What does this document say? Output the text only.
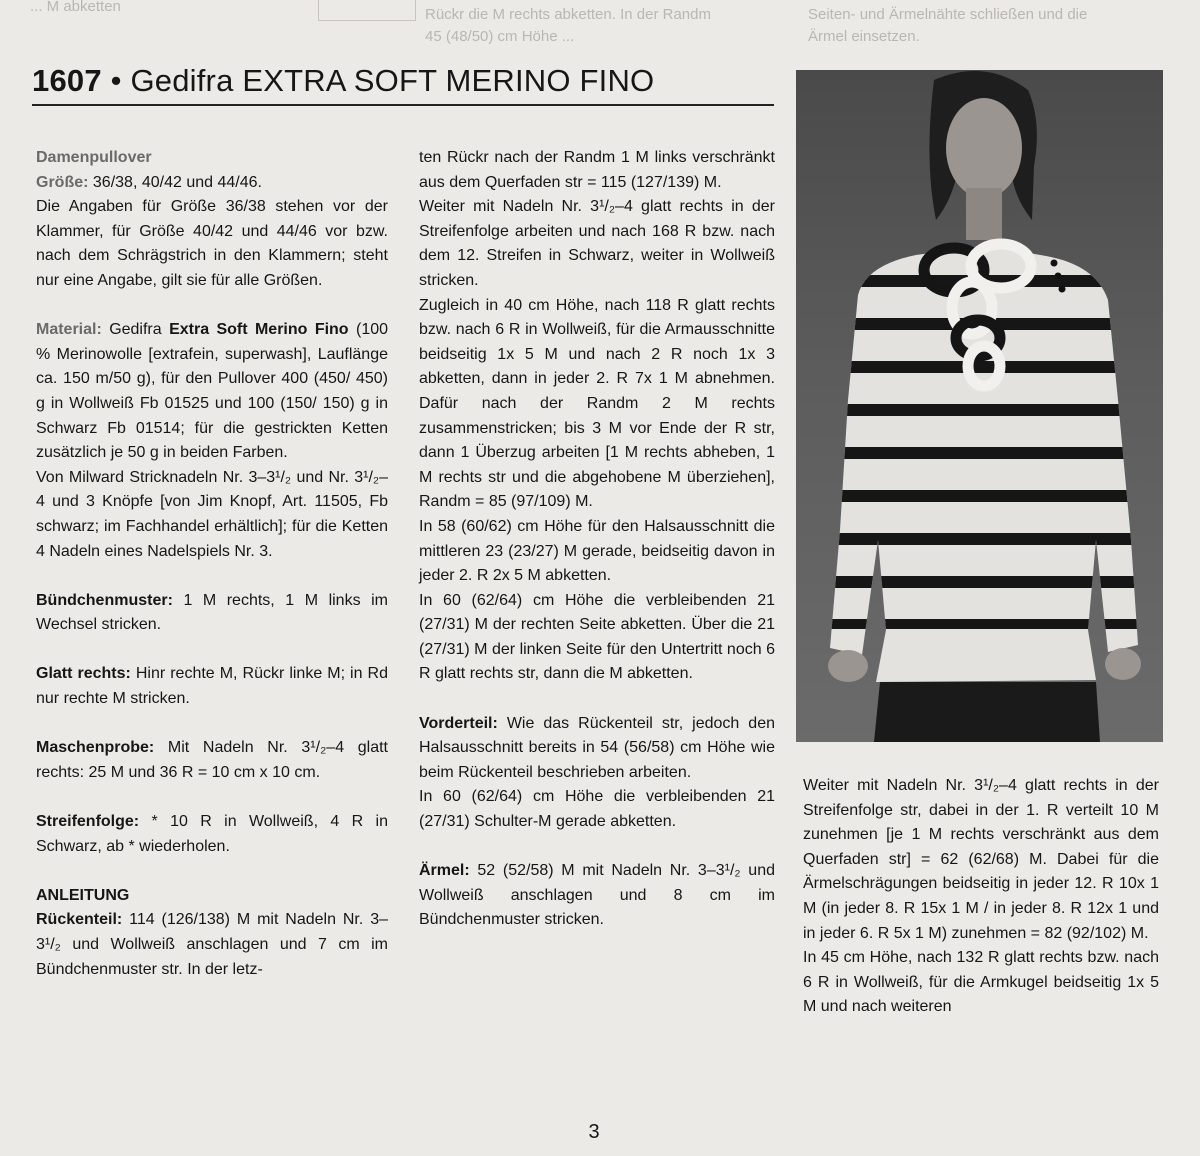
... M abketten	Rückr die M rechts abketten. In der Randm
45 (48/50) cm Höhe ...
Seiten- und Ärmelnähte schließen und die
Ärmel einsetzen.
1607 • Gedifra EXTRA SOFT MERINO FINO

Damenpullover

Größe: 36/38, 40/42 und 44/46.

Die Angaben für Größe 36/38 stehen vor der Klammer, für Größe 40/42 und 44/46 vor bzw. nach dem Schrägstrich in den Klammern; steht nur eine Angabe, gilt sie für alle Größen.

Material: Gedifra Extra Soft Merino Fino (100 % Merinowolle [extrafein, superwash], Lauflänge ca. 150 m/50 g), für den Pullover 400 (450/ 450) g in Wollweiß Fb 01525 und 100 (150/ 150) g in Schwarz Fb 01514; für die gestrickten Ketten zusätzlich je 50 g in beiden Farben.

Von Milward Stricknadeln Nr. 3–3¹/₂ und Nr. 3¹/₂–4 und 3 Knöpfe [von Jim Knopf, Art. 11505, Fb schwarz; im Fachhandel erhältlich]; für die Ketten 4 Nadeln eines Nadelspiels Nr. 3.

Bündchenmuster: 1 M rechts, 1 M links im Wechsel stricken.

Glatt rechts: Hinr rechte M, Rückr linke M; in Rd nur rechte M stricken.

Maschenprobe: Mit Nadeln Nr. 3¹/₂–4 glatt rechts: 25 M und 36 R = 10 cm x 10 cm.

Streifenfolge: * 10 R in Wollweiß, 4 R in Schwarz, ab * wiederholen.

ANLEITUNG

Rückenteil: 114 (126/138) M mit Nadeln Nr. 3–3¹/₂ und Wollweiß anschlagen und 7 cm im Bündchenmuster str. In der letz-

ten Rückr nach der Randm 1 M links verschränkt aus dem Querfaden str = 115 (127/139) M.

Weiter mit Nadeln Nr. 3¹/₂–4 glatt rechts in der Streifenfolge arbeiten und nach 168 R bzw. nach dem 12. Streifen in Schwarz, weiter in Wollweiß stricken.

Zugleich in 40 cm Höhe, nach 118 R glatt rechts bzw. nach 6 R in Wollweiß, für die Armausschnitte beidseitig 1x 5 M und nach 2 R noch 1x 3 abketten, dann in jeder 2. R 7x 1 M abnehmen. Dafür nach der Randm 2 M rechts zusammenstricken; bis 3 M vor Ende der R str, dann 1 Überzug arbeiten [1 M rechts abheben, 1 M rechts str und die abgehobene M überziehen], Randm = 85 (97/109) M.

In 58 (60/62) cm Höhe für den Halsausschnitt die mittleren 23 (23/27) M gerade, beidseitig davon in jeder 2. R 2x 5 M abketten.

In 60 (62/64) cm Höhe die verbleibenden 21 (27/31) M der rechten Seite abketten. Über die 21 (27/31) M der linken Seite für den Untertritt noch 6 R glatt rechts str, dann die M abketten.

Vorderteil: Wie das Rückenteil str, jedoch den Halsausschnitt bereits in 54 (56/58) cm Höhe wie beim Rückenteil beschrieben arbeiten.

In 60 (62/64) cm Höhe die verbleibenden 21 (27/31) Schulter-M gerade abketten.

Ärmel: 52 (52/58) M mit Nadeln Nr. 3–3¹/₂ und Wollweiß anschlagen und 8 cm im Bündchenmuster stricken.

Weiter mit Nadeln Nr. 3¹/₂–4 glatt rechts in der Streifenfolge str, dabei in der 1. R verteilt 10 M zunehmen [je 1 M rechts verschränkt aus dem Querfaden str] = 62 (62/68) M. Dabei für die Ärmelschrägungen beidseitig in jeder 12. R 10x 1 M (in jeder 8. R 15x 1 M / in jeder 8. R 12x 1 und in jeder 6. R 5x 1 M) zunehmen = 82 (92/102) M.

In 45 cm Höhe, nach 132 R glatt rechts bzw. nach 6 R in Wollweiß, für die Armkugel beidseitig 1x 5 M und nach weiteren

3
